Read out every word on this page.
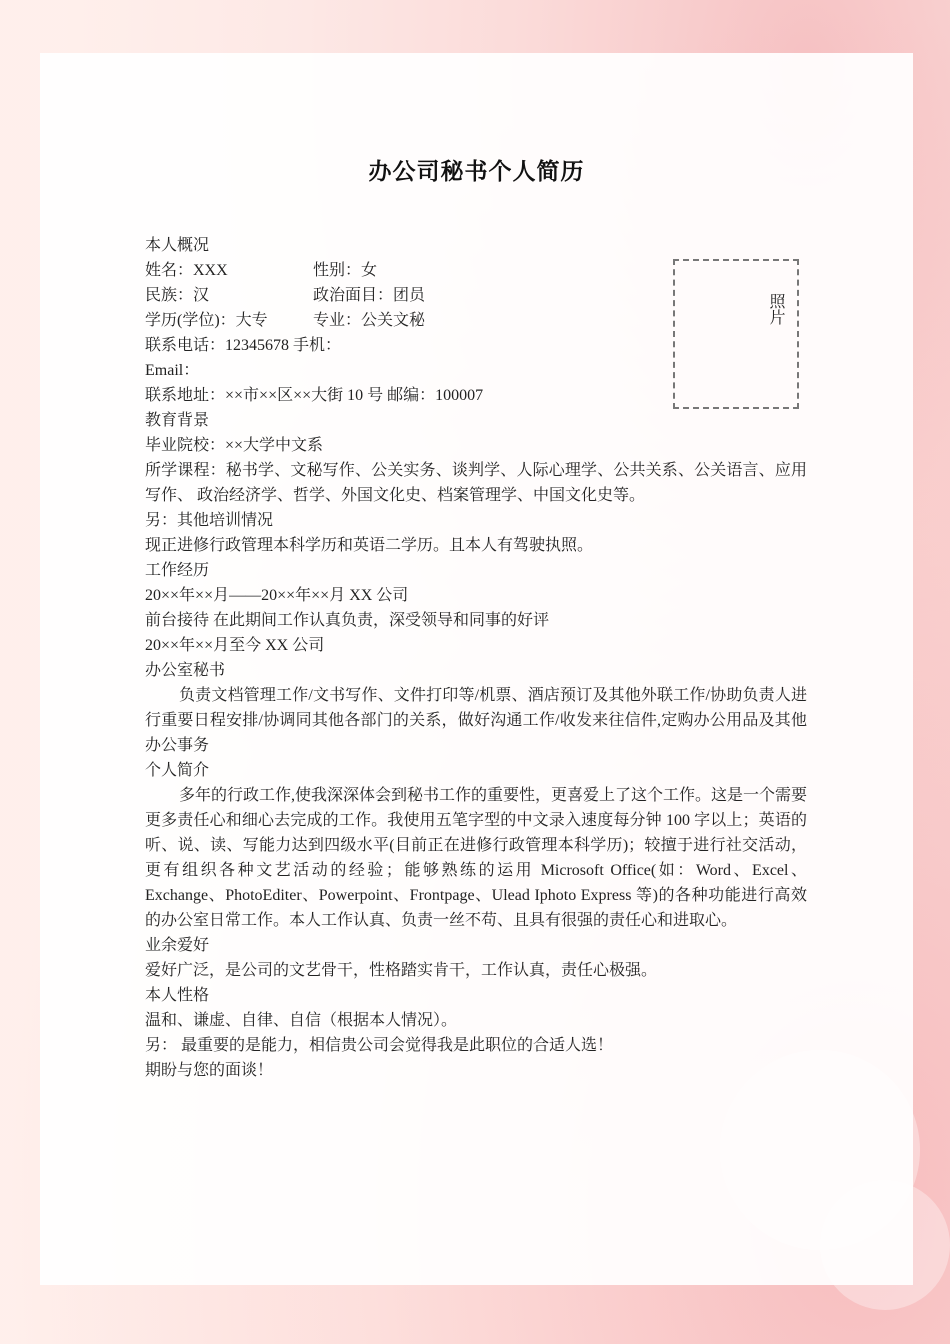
办公司秘书个人简历
照片
本人概况
姓名：XXX	性别：女
民族：汉	政治面目：团员
学历(学位)：大专	专业：公关文秘
联系电话：12345678 手机：
Email：
联系地址：××市××区××大街 10 号 邮编：100007
教育背景
毕业院校：××大学中文系
所学课程：秘书学、文秘写作、公关实务、谈判学、人际心理学、公共关系、公关语言、应用写作、 政治经济学、哲学、外国文化史、档案管理学、中国文化史等。
另：其他培训情况
现正进修行政管理本科学历和英语二学历。且本人有驾驶执照。
工作经历
20××年××月——20××年××月 XX 公司
前台接待 在此期间工作认真负责，深受领导和同事的好评
20××年××月至今 XX 公司
办公室秘书
负责文档管理工作/文书写作、文件打印等/机票、酒店预订及其他外联工作/协助负责人进行重要日程安排/协调同其他各部门的关系，做好沟通工作/收发来往信件,定购办公用品及其他办公事务
个人简介
多年的行政工作,使我深深体会到秘书工作的重要性，更喜爱上了这个工作。这是一个需要更多责任心和细心去完成的工作。我使用五笔字型的中文录入速度每分钟 100 字以上；英语的听、说、读、写能力达到四级水平(目前正在进修行政管理本科学历)；较擅于进行社交活动，更有组织各种文艺活动的经验；能够熟练的运用 Microsoft Office(如：Word、Excel、Exchange、PhotoEditer、Powerpoint、Frontpage、Ulead Iphoto Express 等)的各种功能进行高效的办公室日常工作。本人工作认真、负责一丝不苟、且具有很强的责任心和进取心。
业余爱好
爱好广泛，是公司的文艺骨干，性格踏实肯干，工作认真，责任心极强。
本人性格
温和、谦虚、自律、自信（根据本人情况）。
另： 最重要的是能力，相信贵公司会觉得我是此职位的合适人选！
期盼与您的面谈！
